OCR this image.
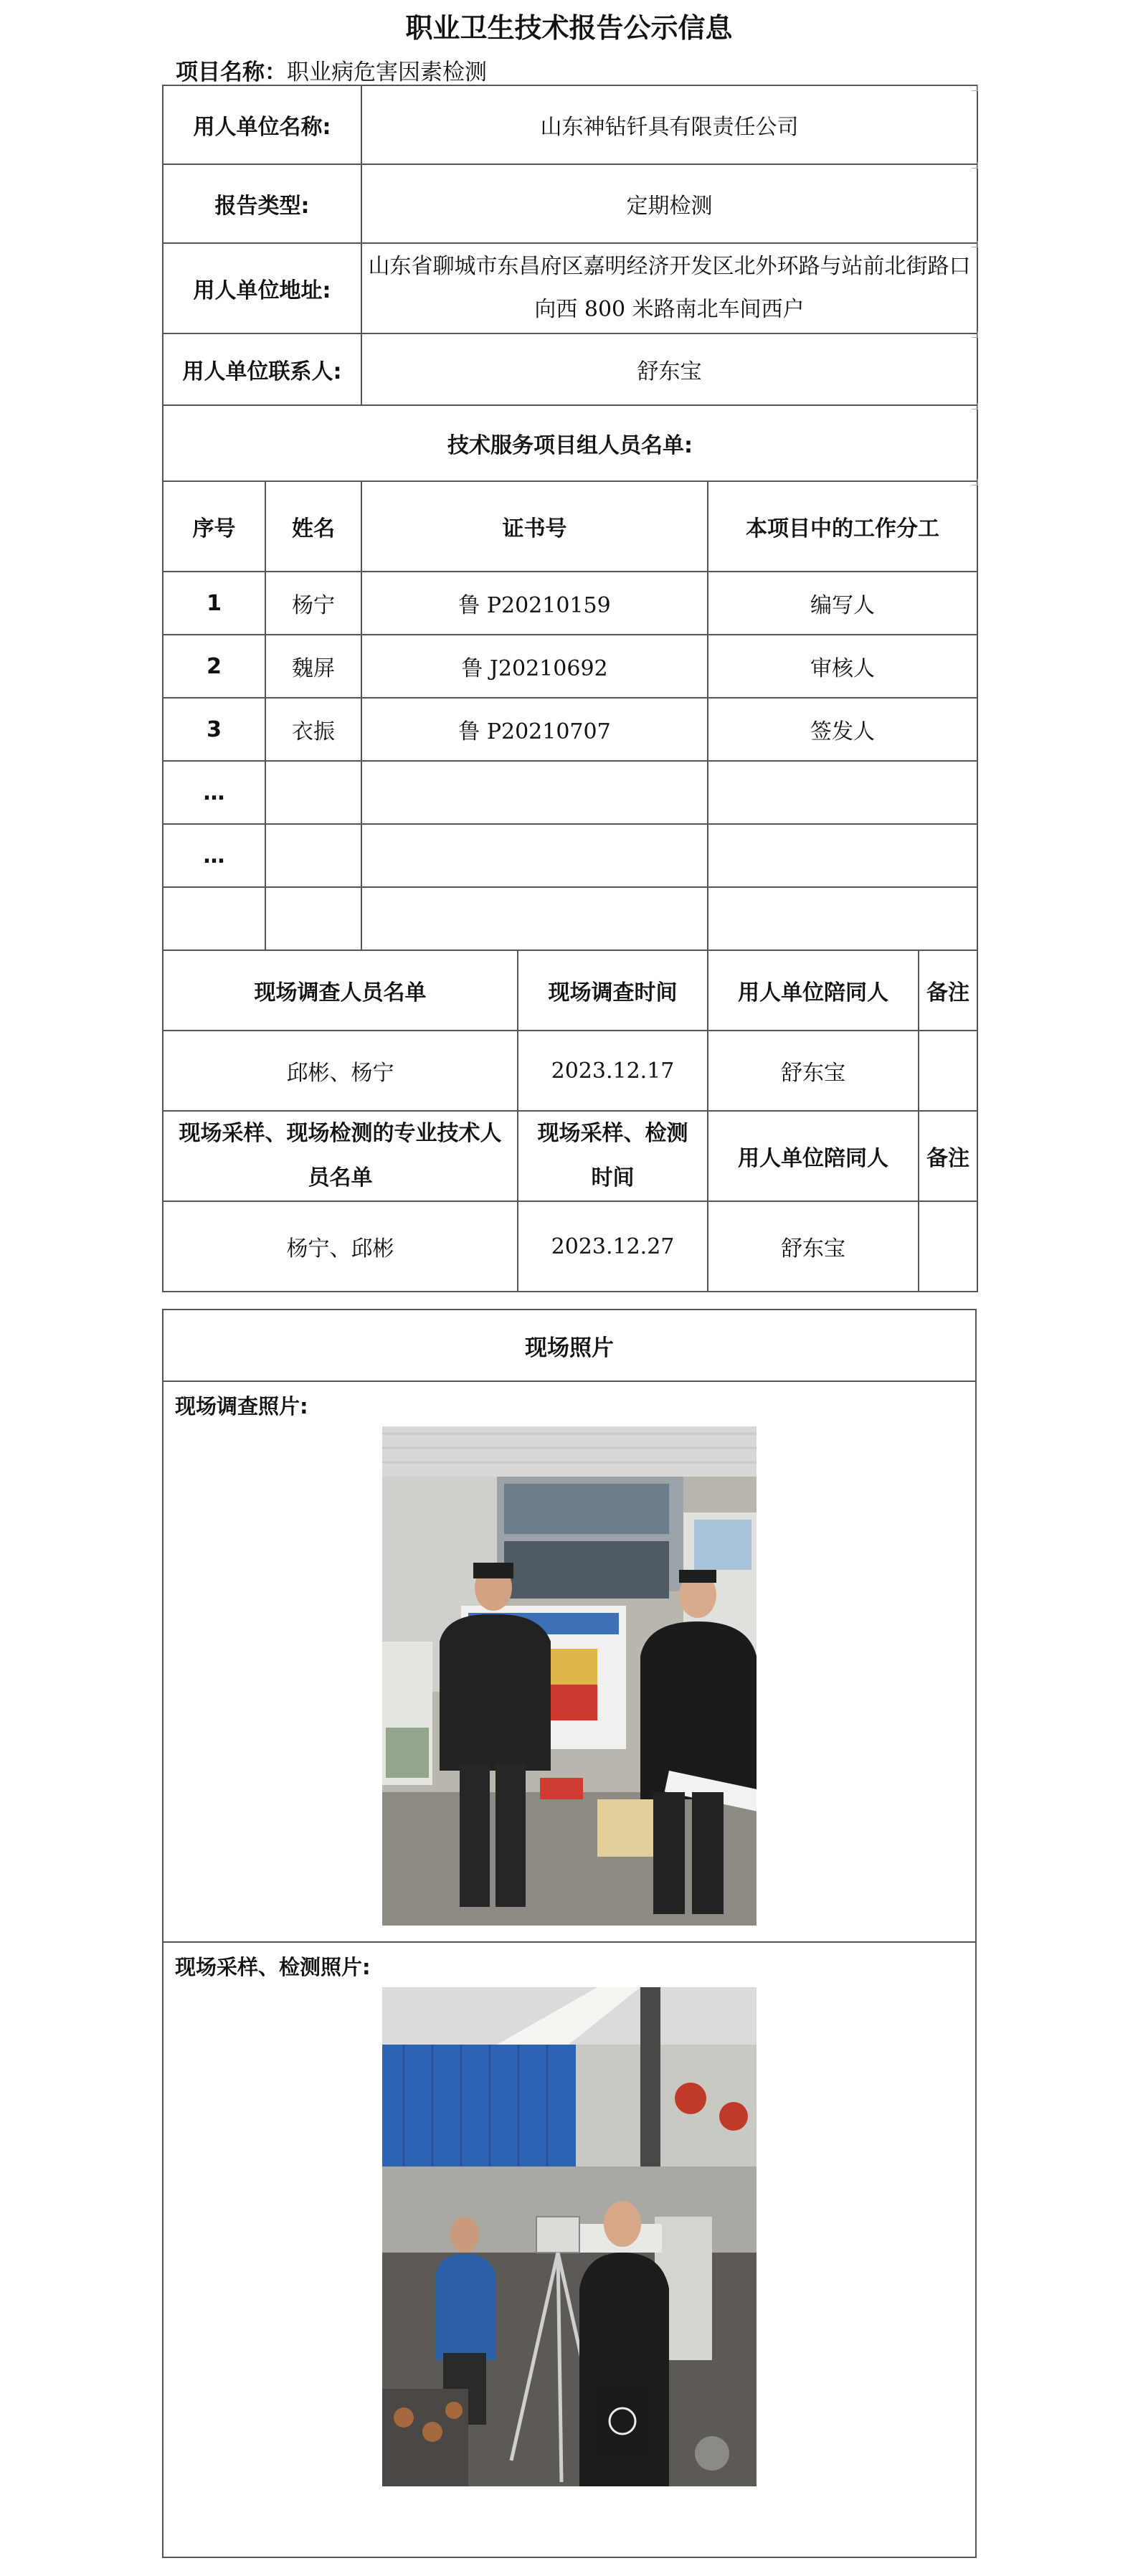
职业卫生技术报告公示信息
项目名称：职业病危害因素检测
用人单位名称:		山东神钻钎具有限责任公司			
报告类型:		定期检测			
用人单位地址:		山东省聊城市东昌府区嘉明经济开发区北外环路与站前北街路口向西 800 米路南北车间西户			
用人单位联系人:		舒东宝			
技术服务项目组人员名单:					
序号	姓名	证书号		本项目中的工作分工	
1	杨宁	鲁 P20210159		编写人	
2	魏屏	鲁 J20210692		审核人	
3	衣振	鲁 P20210707		签发人	
…					
…					

现场调查人员名单			现场调查时间	用人单位陪同人	备注
邱彬、杨宁			2023.12.17	舒东宝	
现场采样、现场检测的专业技术人员名单			现场采样、检测时间	用人单位陪同人	备注
杨宁、邱彬			2023.12.27	舒东宝	
现场照片
现场调查照片:
现场采样、检测照片:
